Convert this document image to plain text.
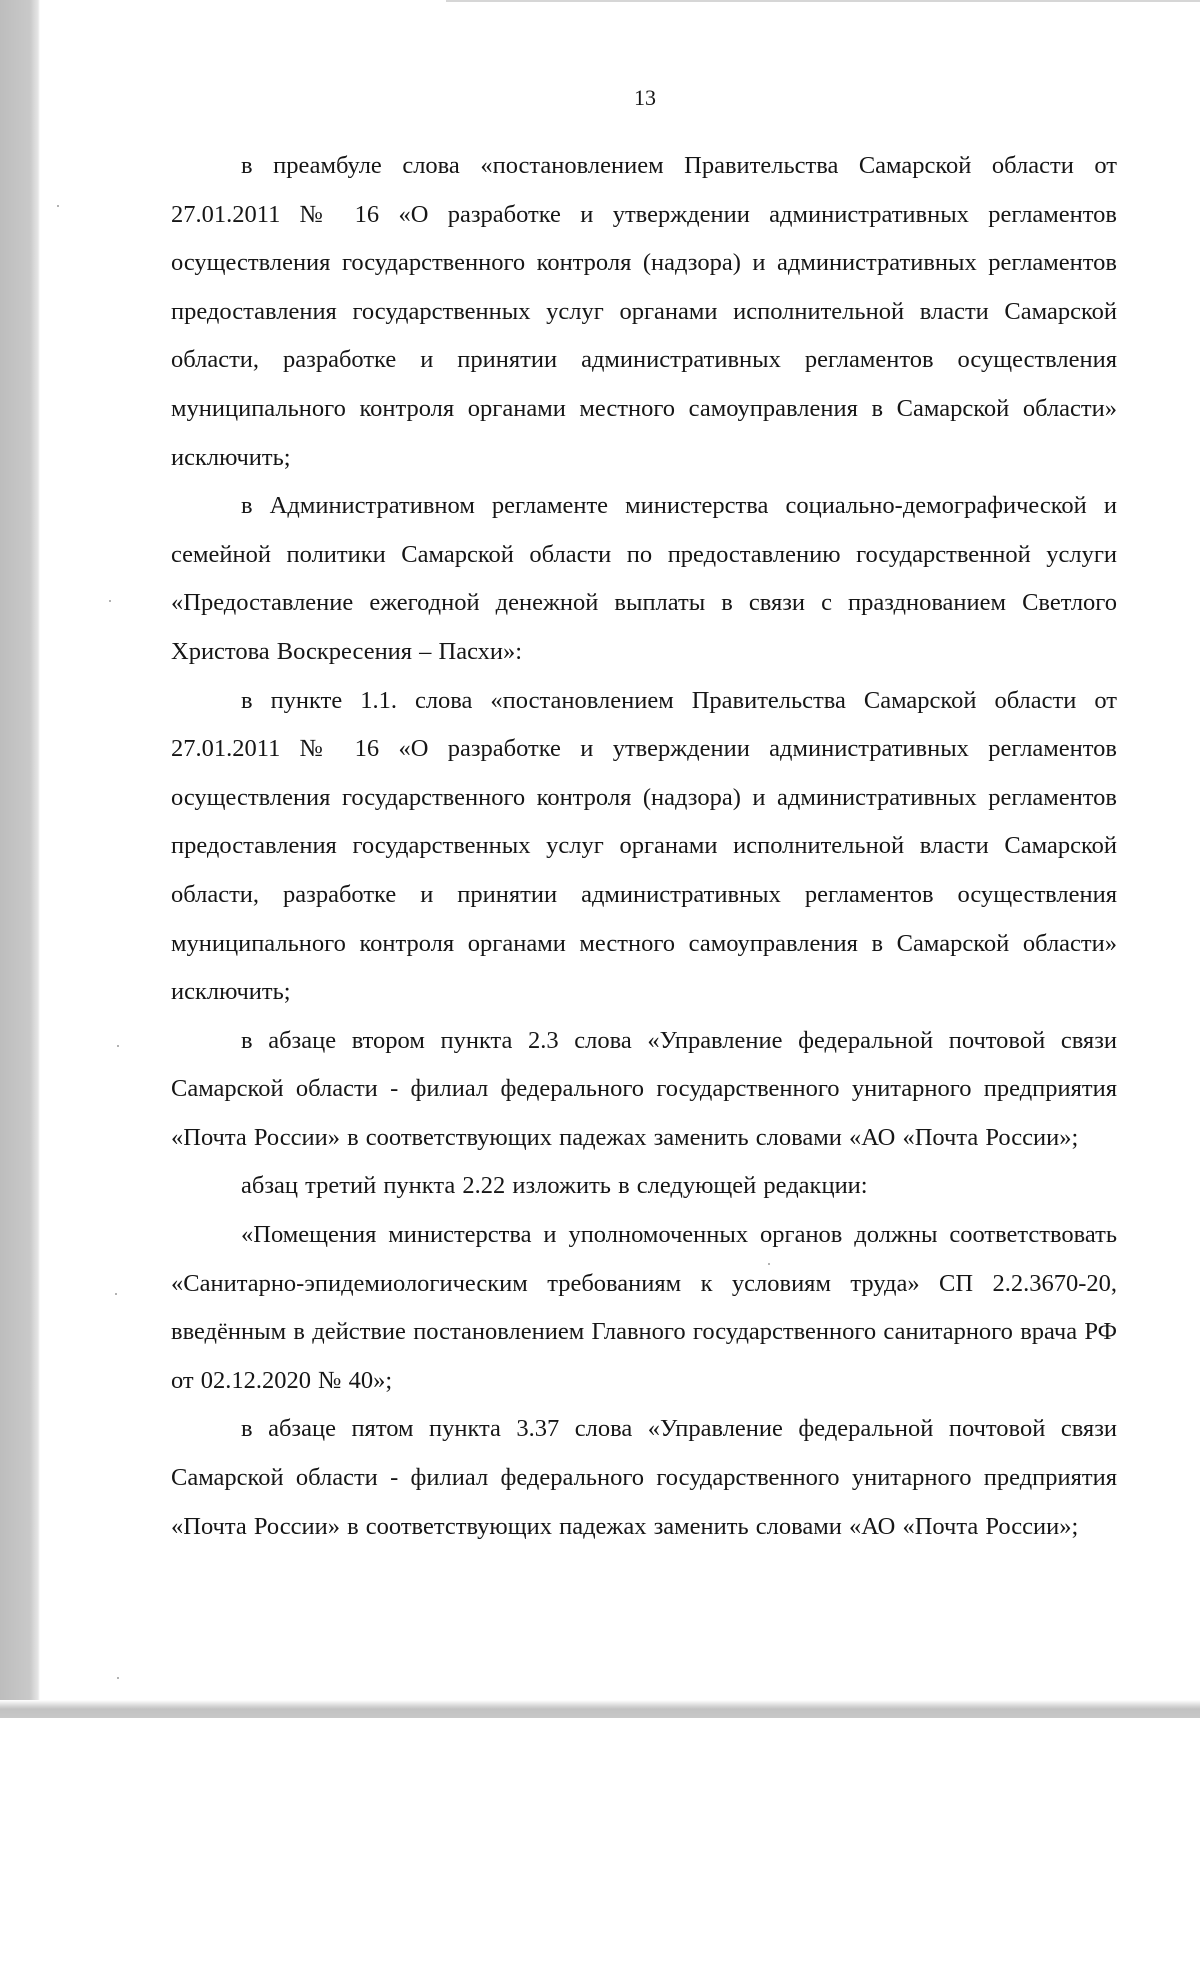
13

в преамбуле слова «постановлением Правительства Самарской области от 27.01.2011 № 16 «О разработке и утверждении административных регламентов осуществления государственного контроля (надзора) и административных регламентов предоставления государственных услуг органами исполнительной власти Самарской области, разработке и принятии административных регламентов осуществления муниципального контроля органами местного самоуправления в Самарской области» исключить;

в Административном регламенте министерства социально-демографической и семейной политики Самарской области по предоставлению государственной услуги «Предоставление ежегодной денежной выплаты в связи с празднованием Светлого Христова Воскресения – Пасхи»:

в пункте 1.1. слова «постановлением Правительства Самарской области от 27.01.2011 № 16 «О разработке и утверждении административных регламентов осуществления государственного контроля (надзора) и административных регламентов предоставления государственных услуг органами исполнительной власти Самарской области, разработке и принятии административных регламентов осуществления муниципального контроля органами местного самоуправления в Самарской области» исключить;

в абзаце втором пункта 2.3 слова «Управление федеральной почтовой связи Самарской области - филиал федерального государственного унитарного предприятия «Почта России» в соответствующих падежах заменить словами «АО «Почта России»;

абзац третий пункта 2.22 изложить в следующей редакции:

«Помещения министерства и уполномоченных органов должны соответствовать «Санитарно-эпидемиологическим требованиям к условиям труда» СП 2.2.3670-20, введённым в действие постановлением Главного государственного санитарного врача РФ от 02.12.2020 № 40»;

в абзаце пятом пункта 3.37 слова «Управление федеральной почтовой связи Самарской области - филиал федерального государственного унитарного предприятия «Почта России» в соответствующих падежах заменить словами «АО «Почта России»;
